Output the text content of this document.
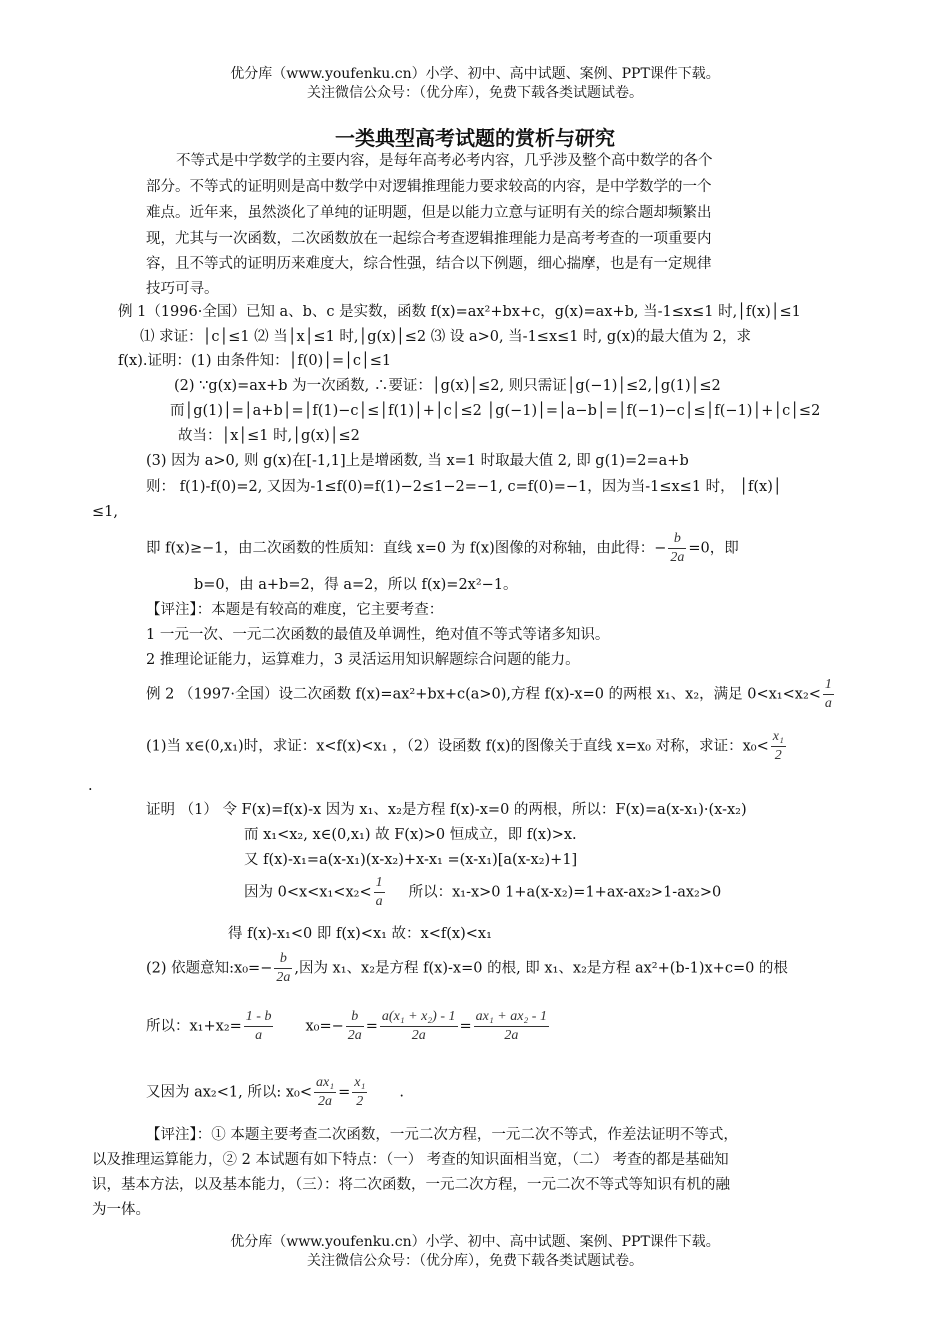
优分库（www.youfenku.cn）小学、初中、高中试题、案例、PPT课件下载。
关注微信公众号：（优分库），免费下载各类试题试卷。
一类典型高考试题的赏析与研究
不等式是中学数学的主要内容，是每年高考必考内容，几乎涉及整个高中数学的各个
部分。不等式的证明则是高中数学中对逻辑推理能力要求较高的内容，是中学数学的一个
难点。近年来，虽然淡化了单纯的证明题，但是以能力立意与证明有关的综合题却频繁出
现，尤其与一次函数，二次函数放在一起综合考查逻辑推理能力是高考考查的一项重要内
容，且不等式的证明历来难度大，综合性强，结合以下例题，细心揣摩，也是有一定规律
技巧可寻。
例 1（1996·全国）已知 a、b、c 是实数，函数 f(x)=ax²+bx+c，g(x)=ax+b, 当-1≤x≤1 时,│f(x)│≤1
⑴ 求证：│c│≤1 ⑵ 当│x│≤1 时,│g(x)│≤2 ⑶ 设 a>0, 当-1≤x≤1 时, g(x)的最大值为 2，求
f(x).证明：(1) 由条件知：│f(0)│=│c│≤1
(2) ∵g(x)=ax+b 为一次函数, ∴要证：│g(x)│≤2, 则只需证│g(−1)│≤2,│g(1)│≤2
而│g(1)│=│a+b│=│f(1)−c│≤│f(1)│+│c│≤2 │g(−1)│=│a−b│=│f(−1)−c│≤│f(−1)│+│c│≤2
故当：│x│≤1 时,│g(x)│≤2
(3) 因为 a>0, 则 g(x)在[-1,1]上是增函数, 当 x=1 时取最大值 2, 即 g(1)=2=a+b
则： f(1)-f(0)=2, 又因为-1≤f(0)=f(1)−2≤1−2=−1, c=f(0)=−1，因为当-1≤x≤1 时， │f(x)│
≤1,
即 f(x)≥−1，由二次函数的性质知：直线 x=0 为 f(x)图像的对称轴，由此得：− $\frac{b}{2a} =0$，即
b=0，由 a+b=2，得 a=2，所以 f(x)=2x²−1。
【评注】：本题是有较高的难度，它主要考查：
1 一元一次、一元二次函数的最值及单调性，绝对值不等式等诸多知识。
2 推理论证能力，运算难力，3 灵活运用知识解题综合问题的能力。
例 2 （1997·全国）设二次函数 f(x)=ax²+bx+c(a>0),方程 f(x)-x=0 的两根 x₁、x₂，满足 $0<x_1<x_2< \frac{1}{a}$
(1)当 x∈(0,x₁)时，求证：x<f(x)<x₁ ，（2）设函数 f(x)的图像关于直线 x=x₀ 对称，求证：$x_0< \frac{\text{x₁}}{2}$
.
证明 （1） 令 F(x)=f(x)-x 因为 x₁、x₂是方程 f(x)-x=0 的两根，所以：F(x)=a(x-x₁)·(x-x₂)
而 x₁<x₂, x∈(0,x₁) 故 F(x)>0 恒成立，即 f(x)>x.
又 f(x)-x₁=a(x-x₁)(x-x₂)+x-x₁ =(x-x₁)[a(x-x₂)+1]
因为 $0<x<x_1<x_2< \frac{1}{a}$ 所以：x₁-x>0 1+a(x-x₂)=1+ax-ax₂>1-ax₂>0
得 f(x)-x₁<0 即 f(x)<x₁ 故：x<f(x)<x₁
(2) 依题意知:x₀=− $\frac{b}{2a}$ ,因为 x₁、x₂是方程 f(x)-x=0 的根, 即 x₁、x₂是方程 ax²+(b-1)x+c=0 的根
所以：$x_1+x_2= \frac{1 - b}{a} x_0=- \frac{b}{2a} = \frac{\text{a(x₁ + x₂) - 1}}{2a} = \frac{\text{ax₁ + ax₂ - 1}}{2a}$
又因为 ax₂<1, 所以: $x_0< \frac{\text{ax₁}}{2a} = \frac{\text{x₁}}{2}$ .
【评注】：① 本题主要考查二次函数，一元二次方程，一元二次不等式，作差法证明不等式，
以及推理运算能力，② 2 本试题有如下特点：（一） 考查的知识面相当宽，（二） 考查的都是基础知
识，基本方法，以及基本能力，（三）：将二次函数，一元二次方程，一元二次不等式等知识有机的融
为一体。
优分库（www.youfenku.cn）小学、初中、高中试题、案例、PPT课件下载。
关注微信公众号：（优分库），免费下载各类试题试卷。
